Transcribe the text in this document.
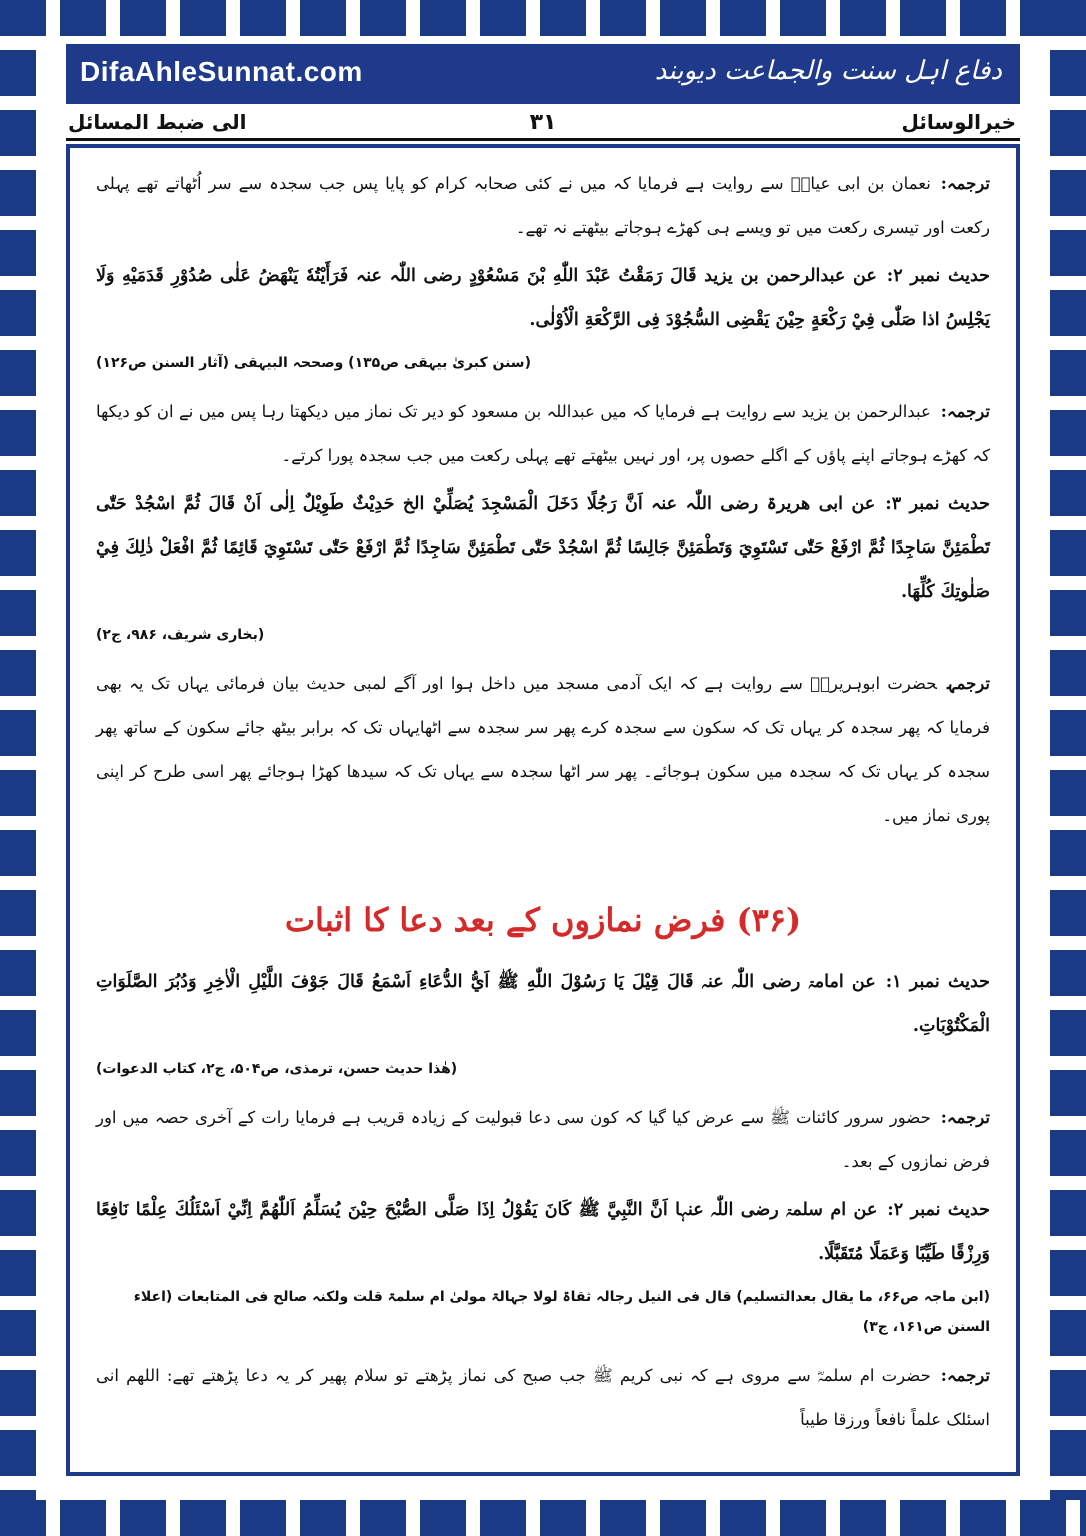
DifaAhleSunnat.com	دفاع اہل سنت والجماعت دیوبند
الی ضبط المسائل	۳۱	خیرالوسائل

ترجمہ:نعمان بن ابی عیاشؒ سے روایت ہے فرمایا کہ میں نے کئی صحابہ کرام کو پایا پس جب سجدہ سے سر اُٹھاتے تھے پہلی رکعت اور تیسری رکعت میں تو ویسے ہی کھڑے ہوجاتے بیٹھتے نہ تھے۔

حدیث نمبر ۲:عن عبدالرحمن بن یزید قَالَ رَمَقْتُ عَبْدَ اللّٰهِ بْنَ مَسْعُوْدٍ رضی اللّٰہ عنہ فَرَأَيْتُهٗ يَنْهَضُ عَلٰى صُدُوْرِ قَدَمَيْهِ وَلَا يَجْلِسُ اذا صَلّٰى فِيْ رَكْعَةٍ حِيْنَ يَقْضِى السُّجُوْدَ فِى الرَّكْعَةِ الْاُوْلٰى.

(سنن کبریٰ بیہقی ص۱۳۵) وصححہ البیہقی (آثار السنن ص۱۲۶)

ترجمہ:عبدالرحمن بن یزید سے روایت ہے فرمایا کہ میں عبداللہ بن مسعود کو دیر تک نماز میں دیکھتا رہا پس میں نے ان کو دیکھا کہ کھڑے ہوجاتے اپنے پاؤں کے اگلے حصوں پر، اور نہیں بیٹھتے تھے پہلی رکعت میں جب سجدہ پورا کرتے۔

حدیث نمبر ۳:عن ابی ھریرۃ رضی اللّٰہ عنہ اَنَّ رَجُلًا دَخَلَ الْمَسْجِدَ يُصَلِّيْ الخ حَدِيْثٌ طَوِيْلٌ اِلٰى اَنْ قَالَ ثُمَّ اسْجُدْ حَتّٰى تَطْمَئِنَّ سَاجِدًا ثُمَّ ارْفَعْ حَتّٰى تَسْتَوِيَ وَتَطْمَئِنَّ جَالِسًا ثُمَّ اسْجُدْ حَتّٰى تَطْمَئِنَّ سَاجِدًا ثُمَّ ارْفَعْ حَتّٰى تَسْتَوِيَ قَائِمًا ثُمَّ افْعَلْ ذٰلِكَ فِيْ صَلٰوتِكَ كُلِّهَا.

(بخاری شریف، ۹۸۶، ج۲)

ترجمہحضرت ابوہریرہؓ سے روایت ہے کہ ایک آدمی مسجد میں داخل ہوا اور آگے لمبی حدیث بیان فرمائی یہاں تک یہ بھی فرمایا کہ پھر سجدہ کر یہاں تک کہ سکون سے سجدہ کرے پھر سر سجدہ سے اٹھایہاں تک کہ برابر بیٹھ جائے سکون کے ساتھ پھر سجدہ کر یہاں تک کہ سجدہ میں سکون ہوجائے۔ پھر سر اٹھا سجدہ سے یہاں تک کہ سیدھا کھڑا ہوجائے پھر اسی طرح کر اپنی پوری نماز میں۔

(۳۶) فرض نمازوں کے بعد دعا کا اثبات

حدیث نمبر ۱:عن امامۃ رضی اللّٰہ عنہ قَالَ قِيْلَ يَا رَسُوْلَ اللّٰهِ ﷺ اَيُّ الدُّعَاءِ اَسْمَعُ قَالَ جَوْفَ اللَّيْلِ الْاٰخِرِ وَدُبُرَ الصَّلَوَاتِ الْمَكْتُوْبَاتِ.

(هٰذا حدیث حسن، ترمذی، ص۵۰۴، ج۲، کتاب الدعوات)

ترجمہ:حضور سرور کائنات ﷺ سے عرض کیا گیا کہ کون سی دعا قبولیت کے زیادہ قریب ہے فرمایا رات کے آخری حصہ میں اور فرض نمازوں کے بعد۔

حدیث نمبر ۲:عن ام سلمۃ رضی اللّٰہ عنہا اَنَّ النَّبِيَّ ﷺ كَانَ يَقُوْلُ اِذَا صَلَّى الصُّبْحَ حِيْنَ يُسَلِّمُ اَللّٰهُمَّ اِنِّيْ اَسْئَلُكَ عِلْمًا نَافِعًا وَرِزْقًا طَيِّبًا وَعَمَلًا مُتَقَبَّلًا.

(ابن ماجہ ص۶۶، ما یقال بعدالتسلیم) قال فی النیل رجالہ ثقاۃ لولا جہالۃ مولیٰ ام سلمۃ قلت ولکنہ صالح فی المتابعات (اعلاء السنن ص۱۶۱، ج۳)

ترجمہ:حضرت ام سلمہؓ سے مروی ہے کہ نبی کریم ﷺ جب صبح کی نماز پڑھتے تو سلام پھیر کر یہ دعا پڑھتے تھے: اللھم انی اسئلک علماً نافعاً ورزقا طیباً
